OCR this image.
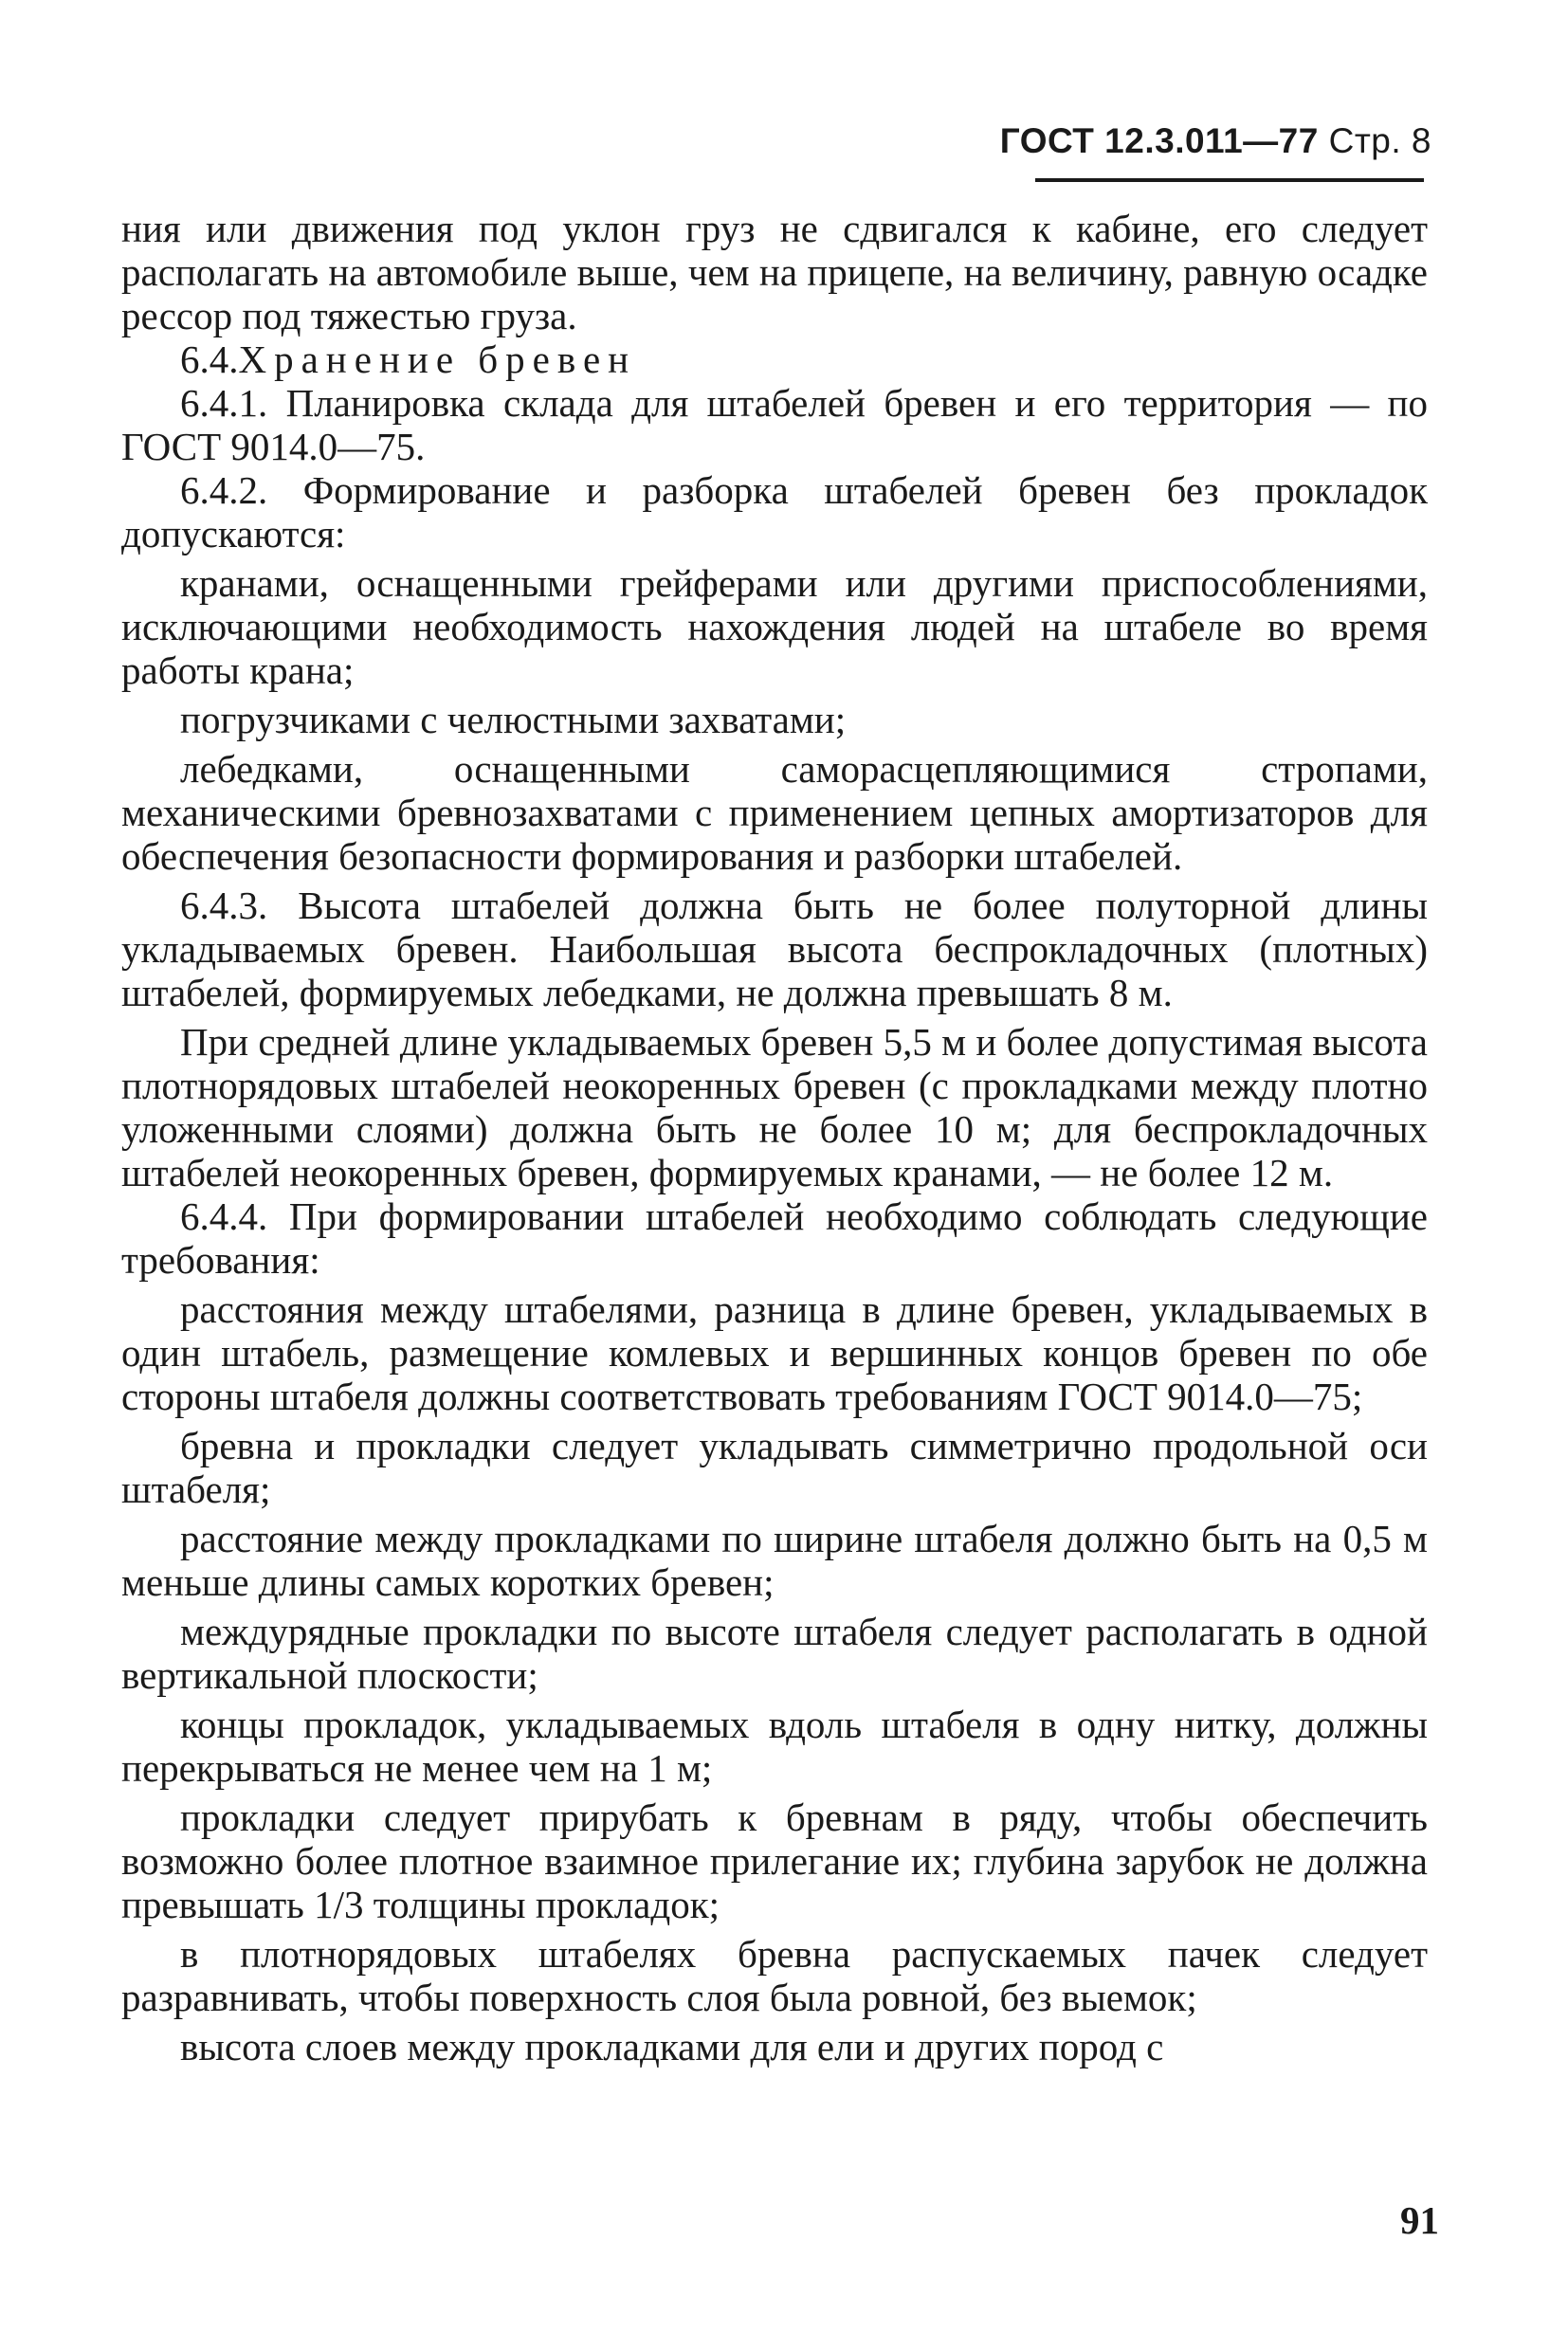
ГОСТ 12.3.011—77 Стр. 8
ния или движения под уклон груз не сдвигался к кабине, его следует располагать на автомобиле выше, чем на прицепе, на величину, равную осадке рессор под тяжестью груза.
6.4.Хранение бревен
6.4.1. Планировка склада для штабелей бревен и его территория — по ГОСТ 9014.0—75.
6.4.2. Формирование и разборка штабелей бревен без прокладок допускаются:
кранами, оснащенными грейферами или другими приспособлениями, исключающими необходимость нахождения людей на штабеле во время работы крана;
погрузчиками с челюстными захватами;
лебедками, оснащенными саморасцепляющимися стропами, механическими бревнозахватами с применением цепных амортизаторов для обеспечения безопасности формирования и разборки штабелей.
6.4.3. Высота штабелей должна быть не более полуторной длины укладываемых бревен. Наибольшая высота беспрокладочных (плотных) штабелей, формируемых лебедками, не должна превышать 8 м.
При средней длине укладываемых бревен 5,5 м и более допустимая высота плотнорядовых штабелей неокоренных бревен (с прокладками между плотно уложенными слоями) должна быть не более 10 м; для беспрокладочных штабелей неокоренных бревен, формируемых кранами, — не более 12 м.
6.4.4. При формировании штабелей необходимо соблюдать следующие требования:
расстояния между штабелями, разница в длине бревен, укладываемых в один штабель, размещение комлевых и вершинных концов бревен по обе стороны штабеля должны соответствовать требованиям ГОСТ 9014.0—75;
бревна и прокладки следует укладывать симметрично продольной оси штабеля;
расстояние между прокладками по ширине штабеля должно быть на 0,5 м меньше длины самых коротких бревен;
междурядные прокладки по высоте штабеля следует располагать в одной вертикальной плоскости;
концы прокладок, укладываемых вдоль штабеля в одну нитку, должны перекрываться не менее чем на 1 м;
прокладки следует прирубать к бревнам в ряду, чтобы обеспечить возможно более плотное взаимное прилегание их; глубина зарубок не должна превышать 1/3 толщины прокладок;
в плотнорядовых штабелях бревна распускаемых пачек следует разравнивать, чтобы поверхность слоя была ровной, без выемок;
высота слоев между прокладками для ели и других пород с
91
